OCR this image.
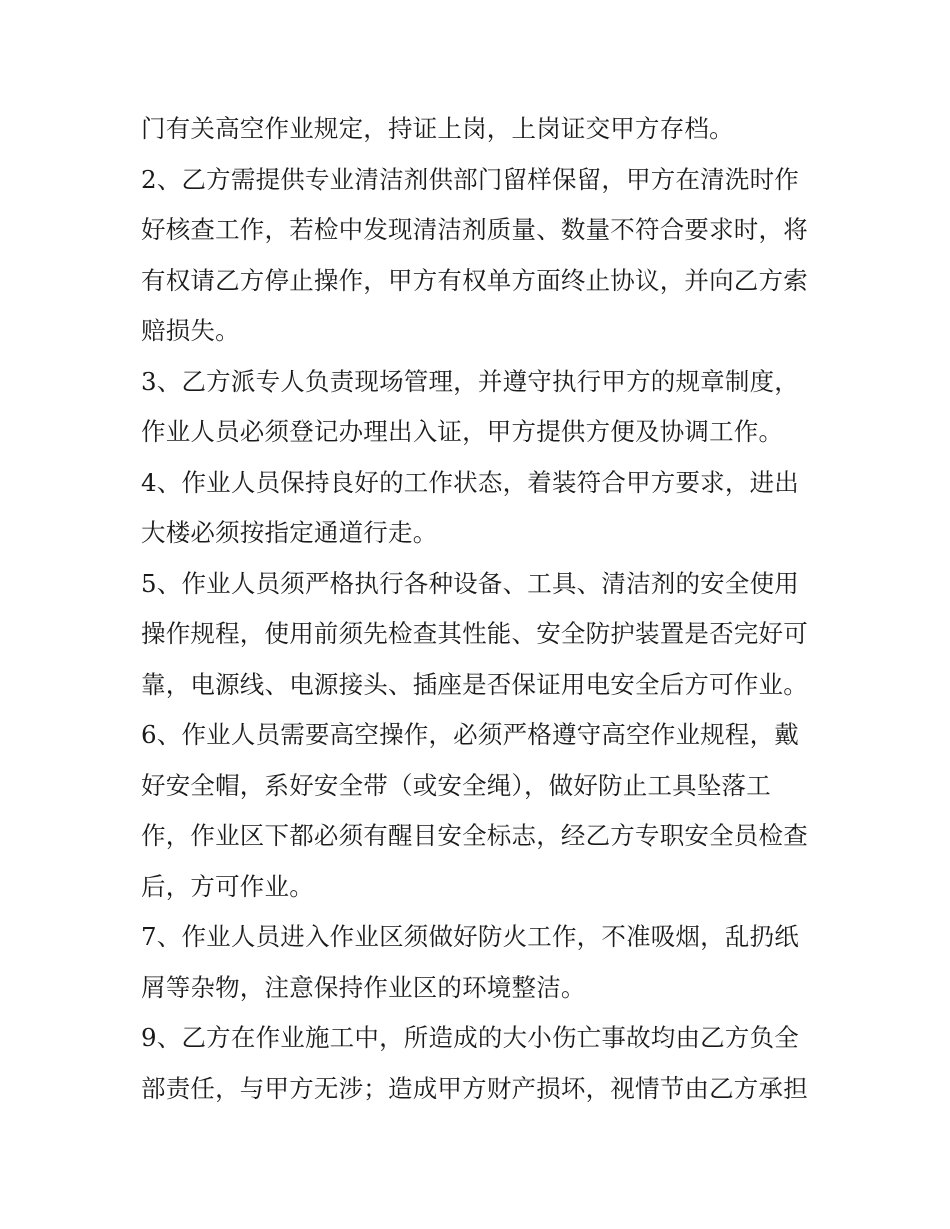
门有关高空作业规定，持证上岗，上岗证交甲方存档。
2、乙方需提供专业清洁剂供部门留样保留，甲方在清洗时作
好核查工作，若检中发现清洁剂质量、数量不符合要求时，将
有权请乙方停止操作，甲方有权单方面终止协议，并向乙方索
赔损失。
3、乙方派专人负责现场管理，并遵守执行甲方的规章制度，
作业人员必须登记办理出入证，甲方提供方便及协调工作。
4、作业人员保持良好的工作状态，着装符合甲方要求，进出
大楼必须按指定通道行走。
5、作业人员须严格执行各种设备、工具、清洁剂的安全使用
操作规程，使用前须先检查其性能、安全防护装置是否完好可
靠，电源线、电源接头、插座是否保证用电安全后方可作业。
6、作业人员需要高空操作，必须严格遵守高空作业规程，戴
好安全帽，系好安全带（或安全绳），做好防止工具坠落工
作，作业区下都必须有醒目安全标志，经乙方专职安全员检查
后，方可作业。
7、作业人员进入作业区须做好防火工作，不准吸烟，乱扔纸
屑等杂物，注意保持作业区的环境整洁。
9、乙方在作业施工中，所造成的大小伤亡事故均由乙方负全
部责任，与甲方无涉；造成甲方财产损坏，视情节由乙方承担
